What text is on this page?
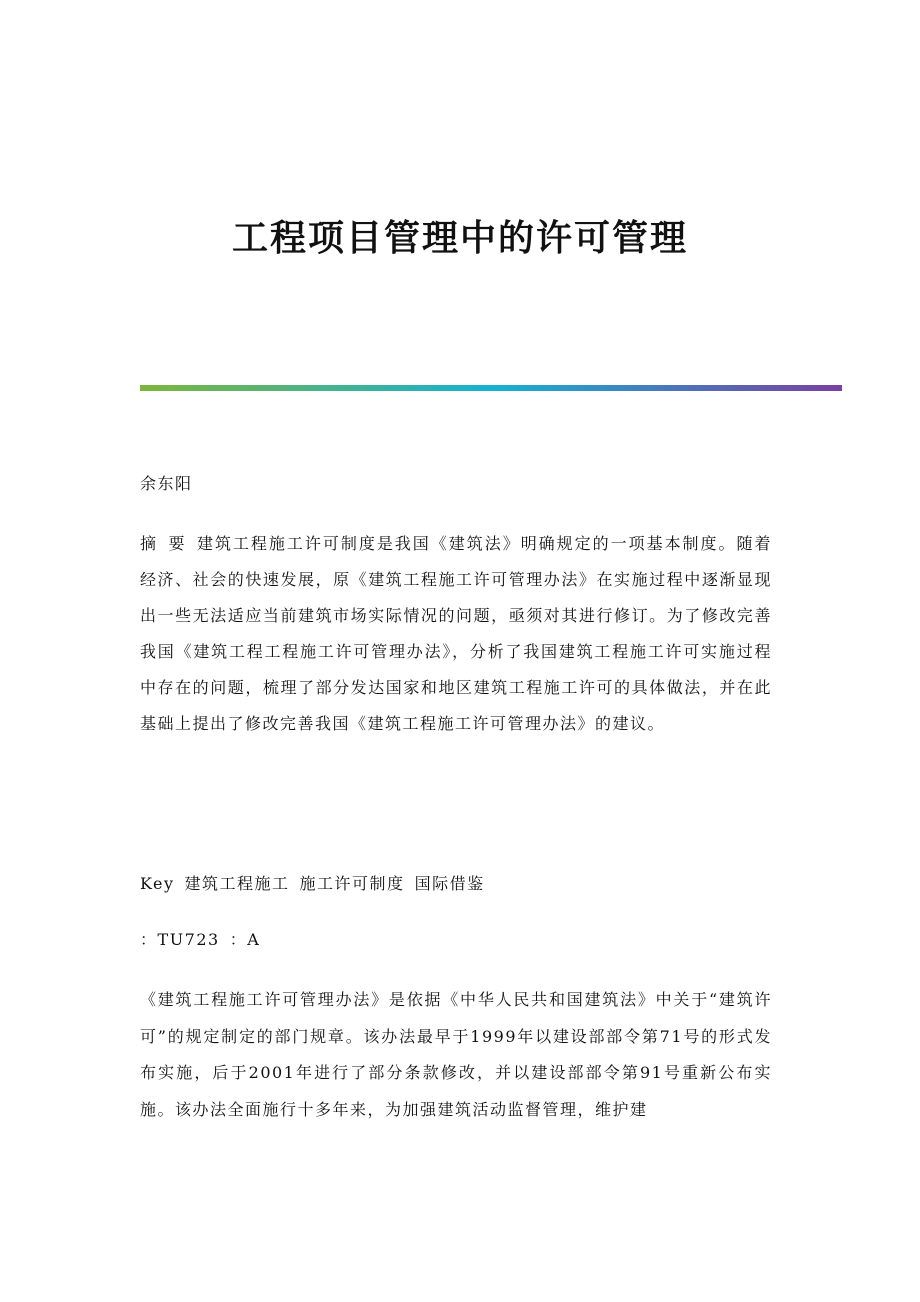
工程项目管理中的许可管理
余东阳
摘 要 建筑工程施工许可制度是我国《建筑法》明确规定的一项基本制度。随着经济、社会的快速发展，原《建筑工程施工许可管理办法》在实施过程中逐渐显现出一些无法适应当前建筑市场实际情况的问题，亟须对其进行修订。为了修改完善我国《建筑工程工程施工许可管理办法》，分析了我国建筑工程施工许可实施过程中存在的问题，梳理了部分发达国家和地区建筑工程施工许可的具体做法，并在此基础上提出了修改完善我国《建筑工程施工许可管理办法》的建议。
Key 建筑工程施工 施工许可制度 国际借鉴
：TU723 ：A
《建筑工程施工许可管理办法》是依据《中华人民共和国建筑法》中关于“建筑许可”的规定制定的部门规章。该办法最早于1999年以建设部部令第71号的形式发布实施，后于2001年进行了部分条款修改，并以建设部部令第91号重新公布实施。该办法全面施行十多年来，为加强建筑活动监督管理，维护建
